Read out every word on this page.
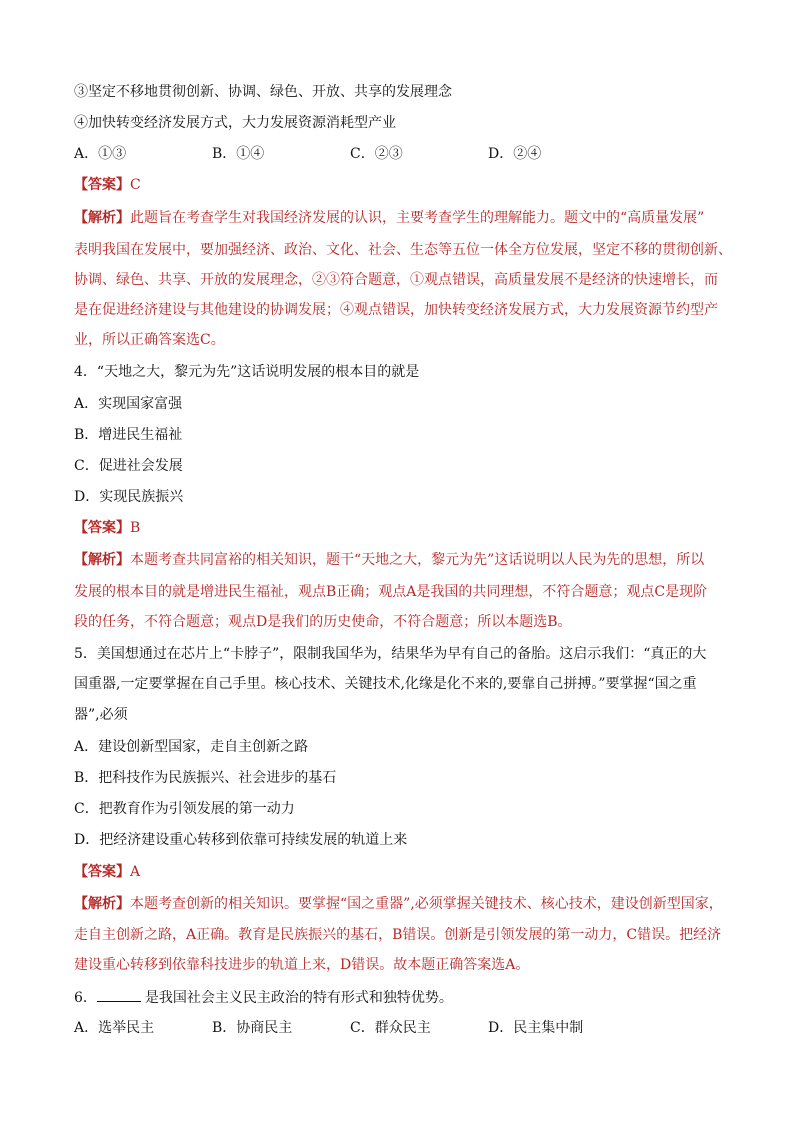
③坚定不移地贯彻创新、协调、绿色、开放、共享的发展理念
④加快转变经济发展方式，大力发展资源消耗型产业
A．①③	B．①④	C．②③	D．②④
【答案】C
【解析】此题旨在考查学生对我国经济发展的认识，主要考查学生的理解能力。题文中的“高质量发展”
表明我国在发展中，要加强经济、政治、文化、社会、生态等五位一体全方位发展，坚定不移的贯彻创新、
协调、绿色、共享、开放的发展理念，②③符合题意，①观点错误，高质量发展不是经济的快速增长，而
是在促进经济建设与其他建设的协调发展；④观点错误，加快转变经济发展方式，大力发展资源节约型产
业，所以正确答案选C。
4．“天地之大，黎元为先”这话说明发展的根本目的就是
A．实现国家富强
B．增进民生福祉
C．促进社会发展
D．实现民族振兴
【答案】B
【解析】本题考查共同富裕的相关知识，题干“天地之大，黎元为先”这话说明以人民为先的思想，所以
发展的根本目的就是增进民生福祉，观点B正确；观点A是我国的共同理想，不符合题意；观点C是现阶
段的任务，不符合题意；观点D是我们的历史使命，不符合题意；所以本题选B。
5．美国想通过在芯片上“卡脖子”，限制我国华为，结果华为早有自己的备胎。这启示我们：“真正的大
国重器,一定要掌握在自己手里。核心技术、关键技术,化缘是化不来的,要靠自己拼搏。”要掌握“国之重
器”,必须
A．建设创新型国家，走自主创新之路
B．把科技作为民族振兴、社会进步的基石
C．把教育作为引领发展的第一动力
D．把经济建设重心转移到依靠可持续发展的轨道上来
【答案】A
【解析】本题考查创新的相关知识。要掌握“国之重器”,必须掌握关键技术、核心技术，建设创新型国家，
走自主创新之路，A正确。教育是民族振兴的基石，B错误。创新是引领发展的第一动力，C错误。把经济
建设重心转移到依靠科技进步的轨道上来，D错误。故本题正确答案选A。
6．	是我国社会主义民主政治的特有形式和独特优势。
A．选举民主	B．协商民主	C．群众民主	D．民主集中制
